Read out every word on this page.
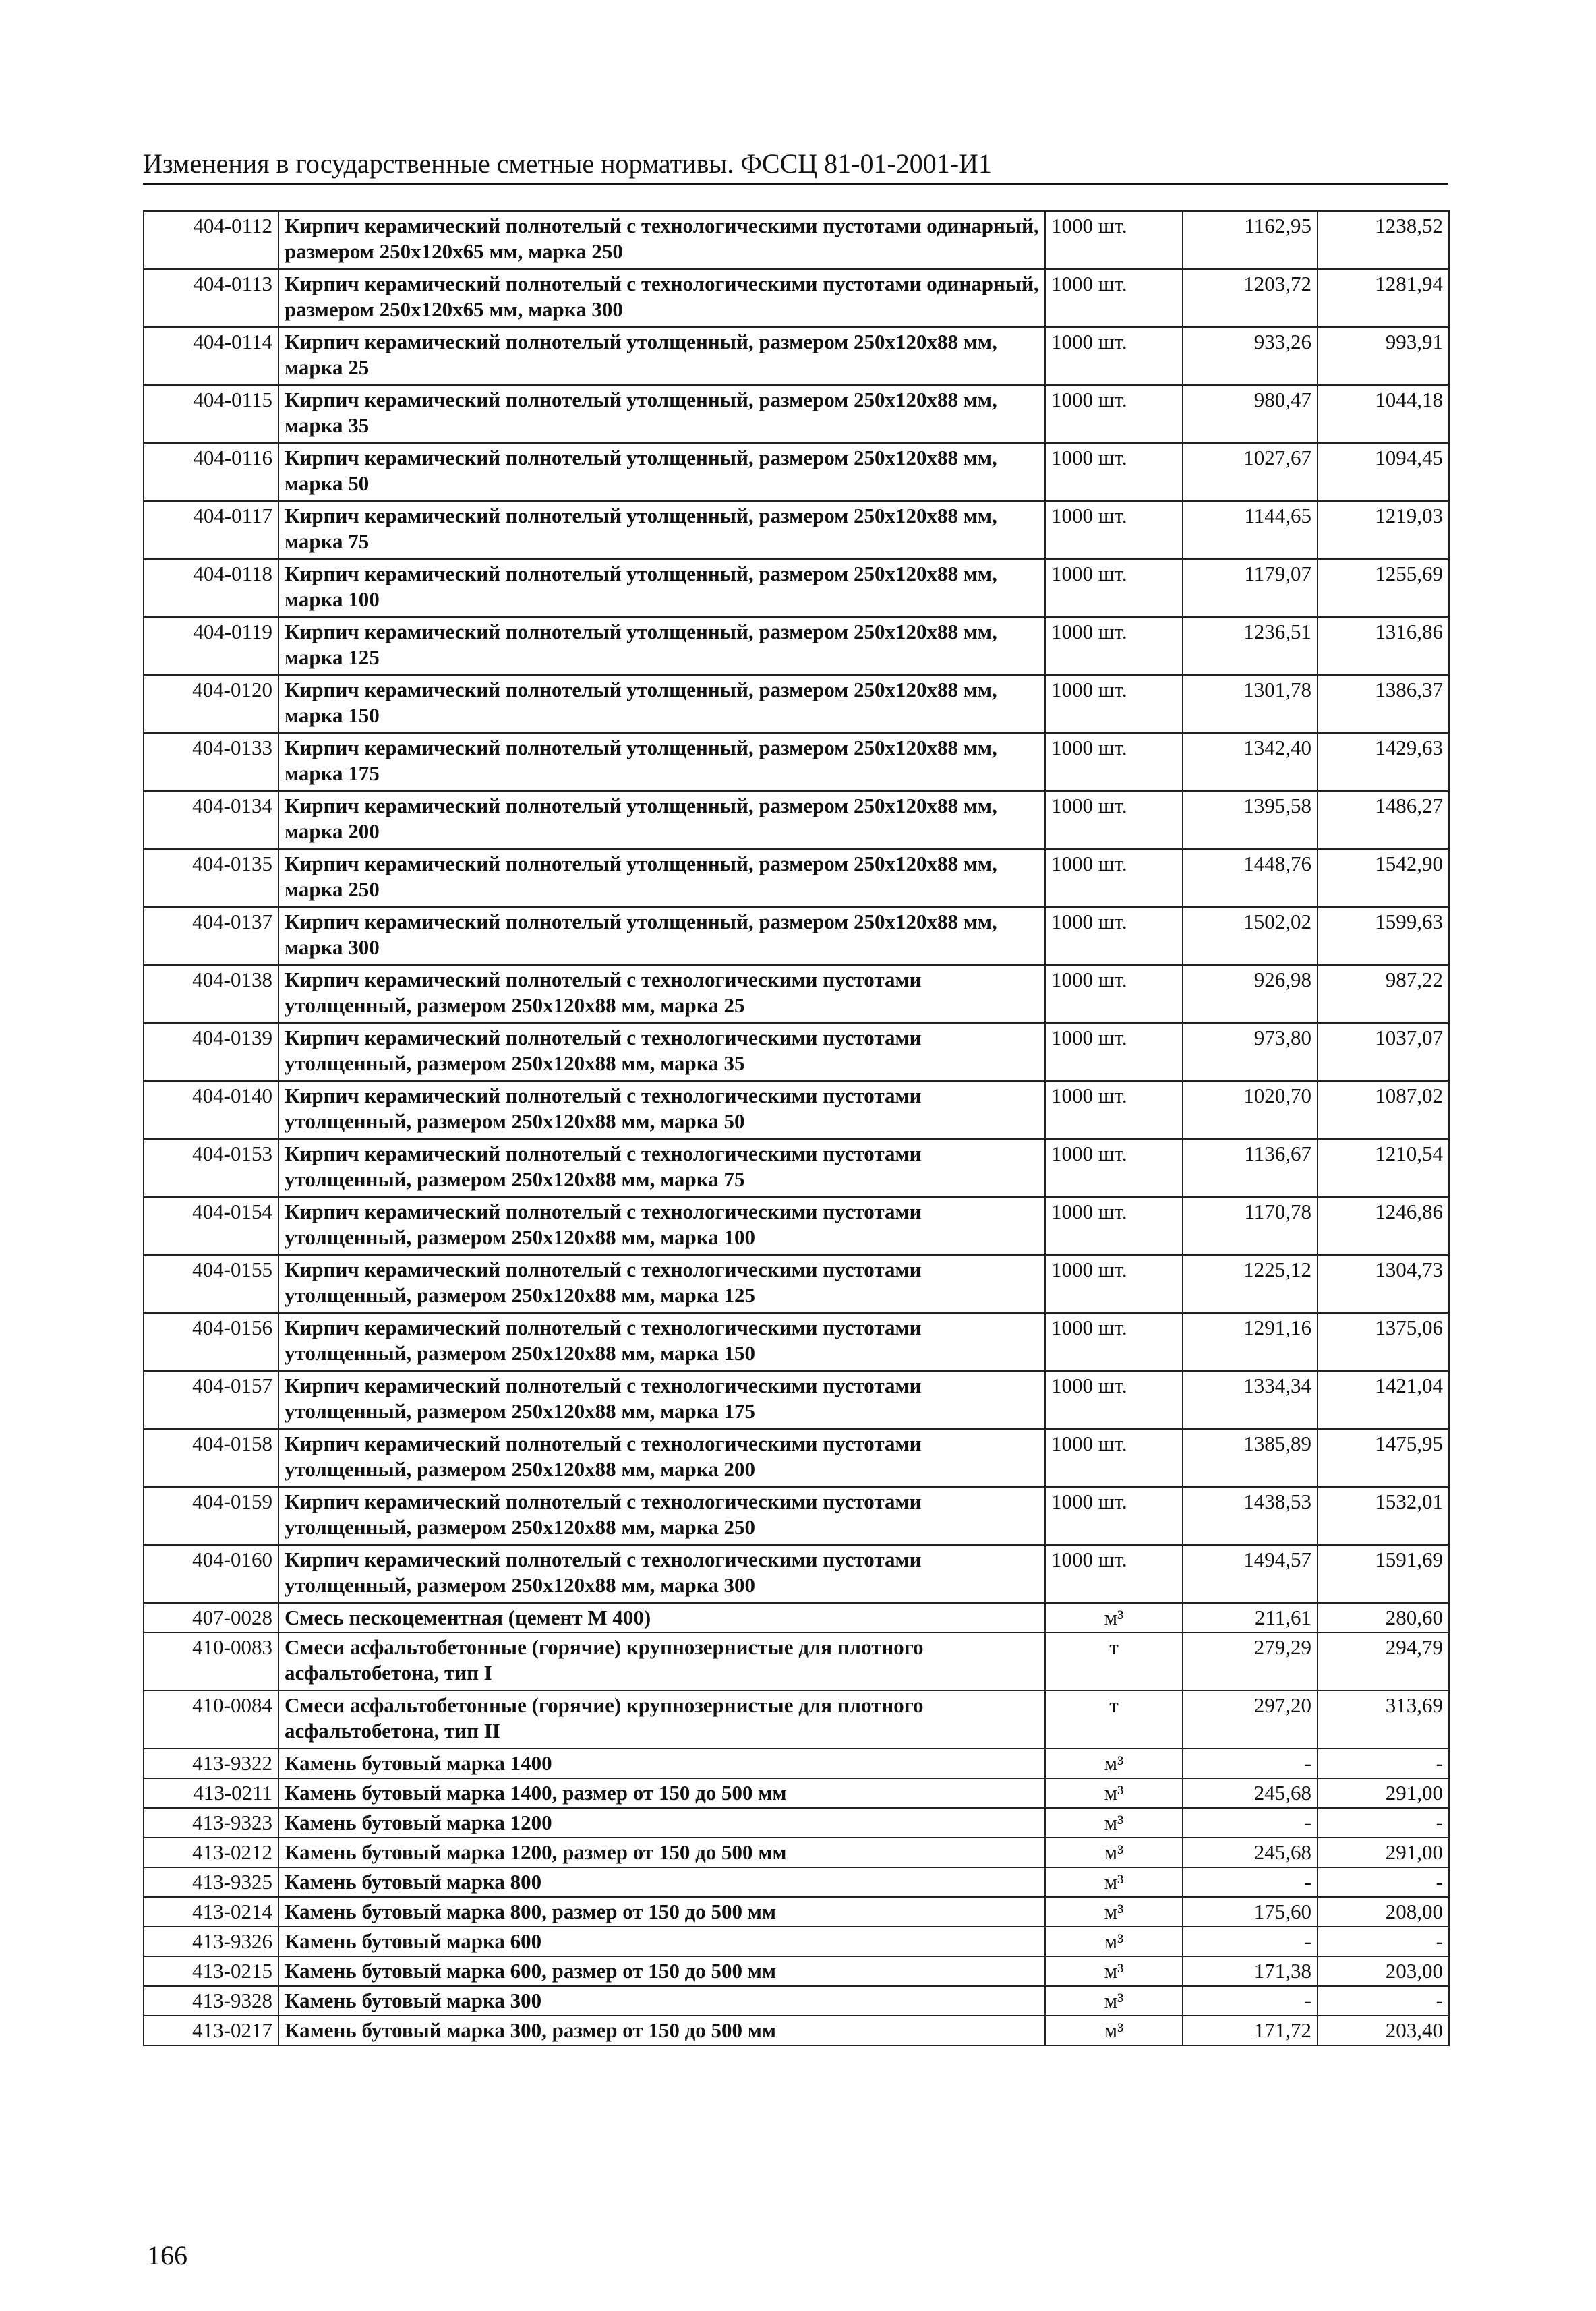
Изменения в государственные сметные нормативы. ФССЦ 81-01-2001-И1
404-0112	Кирпич керамический полнотелый с технологическими пустотами одинарный, размером 250х120х65 мм, марка 250	1000 шт.	1162,95	1238,52
404-0113	Кирпич керамический полнотелый с технологическими пустотами одинарный, размером 250х120х65 мм, марка 300	1000 шт.	1203,72	1281,94
404-0114	Кирпич керамический полнотелый утолщенный, размером 250х120х88 мм, марка 25	1000 шт.	933,26	993,91
404-0115	Кирпич керамический полнотелый утолщенный, размером 250х120х88 мм, марка 35	1000 шт.	980,47	1044,18
404-0116	Кирпич керамический полнотелый утолщенный, размером 250х120х88 мм, марка 50	1000 шт.	1027,67	1094,45
404-0117	Кирпич керамический полнотелый утолщенный, размером 250х120х88 мм, марка 75	1000 шт.	1144,65	1219,03
404-0118	Кирпич керамический полнотелый утолщенный, размером 250х120х88 мм, марка 100	1000 шт.	1179,07	1255,69
404-0119	Кирпич керамический полнотелый утолщенный, размером 250х120х88 мм, марка 125	1000 шт.	1236,51	1316,86
404-0120	Кирпич керамический полнотелый утолщенный, размером 250х120х88 мм, марка 150	1000 шт.	1301,78	1386,37
404-0133	Кирпич керамический полнотелый утолщенный, размером 250х120х88 мм, марка 175	1000 шт.	1342,40	1429,63
404-0134	Кирпич керамический полнотелый утолщенный, размером 250х120х88 мм, марка 200	1000 шт.	1395,58	1486,27
404-0135	Кирпич керамический полнотелый утолщенный, размером 250х120х88 мм, марка 250	1000 шт.	1448,76	1542,90
404-0137	Кирпич керамический полнотелый утолщенный, размером 250х120х88 мм, марка 300	1000 шт.	1502,02	1599,63
404-0138	Кирпич керамический полнотелый с технологическими пустотами утолщенный, размером 250х120х88 мм, марка 25	1000 шт.	926,98	987,22
404-0139	Кирпич керамический полнотелый с технологическими пустотами утолщенный, размером 250х120х88 мм, марка 35	1000 шт.	973,80	1037,07
404-0140	Кирпич керамический полнотелый с технологическими пустотами утолщенный, размером 250х120х88 мм, марка 50	1000 шт.	1020,70	1087,02
404-0153	Кирпич керамический полнотелый с технологическими пустотами утолщенный, размером 250х120х88 мм, марка 75	1000 шт.	1136,67	1210,54
404-0154	Кирпич керамический полнотелый с технологическими пустотами утолщенный, размером 250х120х88 мм, марка 100	1000 шт.	1170,78	1246,86
404-0155	Кирпич керамический полнотелый с технологическими пустотами утолщенный, размером 250х120х88 мм, марка 125	1000 шт.	1225,12	1304,73
404-0156	Кирпич керамический полнотелый с технологическими пустотами утолщенный, размером 250х120х88 мм, марка 150	1000 шт.	1291,16	1375,06
404-0157	Кирпич керамический полнотелый с технологическими пустотами утолщенный, размером 250х120х88 мм, марка 175	1000 шт.	1334,34	1421,04
404-0158	Кирпич керамический полнотелый с технологическими пустотами утолщенный, размером 250х120х88 мм, марка 200	1000 шт.	1385,89	1475,95
404-0159	Кирпич керамический полнотелый с технологическими пустотами утолщенный, размером 250х120х88 мм, марка 250	1000 шт.	1438,53	1532,01
404-0160	Кирпич керамический полнотелый с технологическими пустотами утолщенный, размером 250х120х88 мм, марка 300	1000 шт.	1494,57	1591,69
407-0028	Смесь пескоцементная (цемент М 400)	м³	211,61	280,60
410-0083	Смеси асфальтобетонные (горячие) крупнозернистые для плотного асфальтобетона, тип I	т	279,29	294,79
410-0084	Смеси асфальтобетонные (горячие) крупнозернистые для плотного асфальтобетона, тип II	т	297,20	313,69
413-9322	Камень бутовый марка 1400	м³	-	-
413-0211	Камень бутовый марка 1400, размер от 150 до 500 мм	м³	245,68	291,00
413-9323	Камень бутовый марка 1200	м³	-	-
413-0212	Камень бутовый марка 1200, размер от 150 до 500 мм	м³	245,68	291,00
413-9325	Камень бутовый марка 800	м³	-	-
413-0214	Камень бутовый марка 800, размер от 150 до 500 мм	м³	175,60	208,00
413-9326	Камень бутовый марка 600	м³	-	-
413-0215	Камень бутовый марка 600, размер от 150 до 500 мм	м³	171,38	203,00
413-9328	Камень бутовый марка 300	м³	-	-
413-0217	Камень бутовый марка 300, размер от 150 до 500 мм	м³	171,72	203,40
166
